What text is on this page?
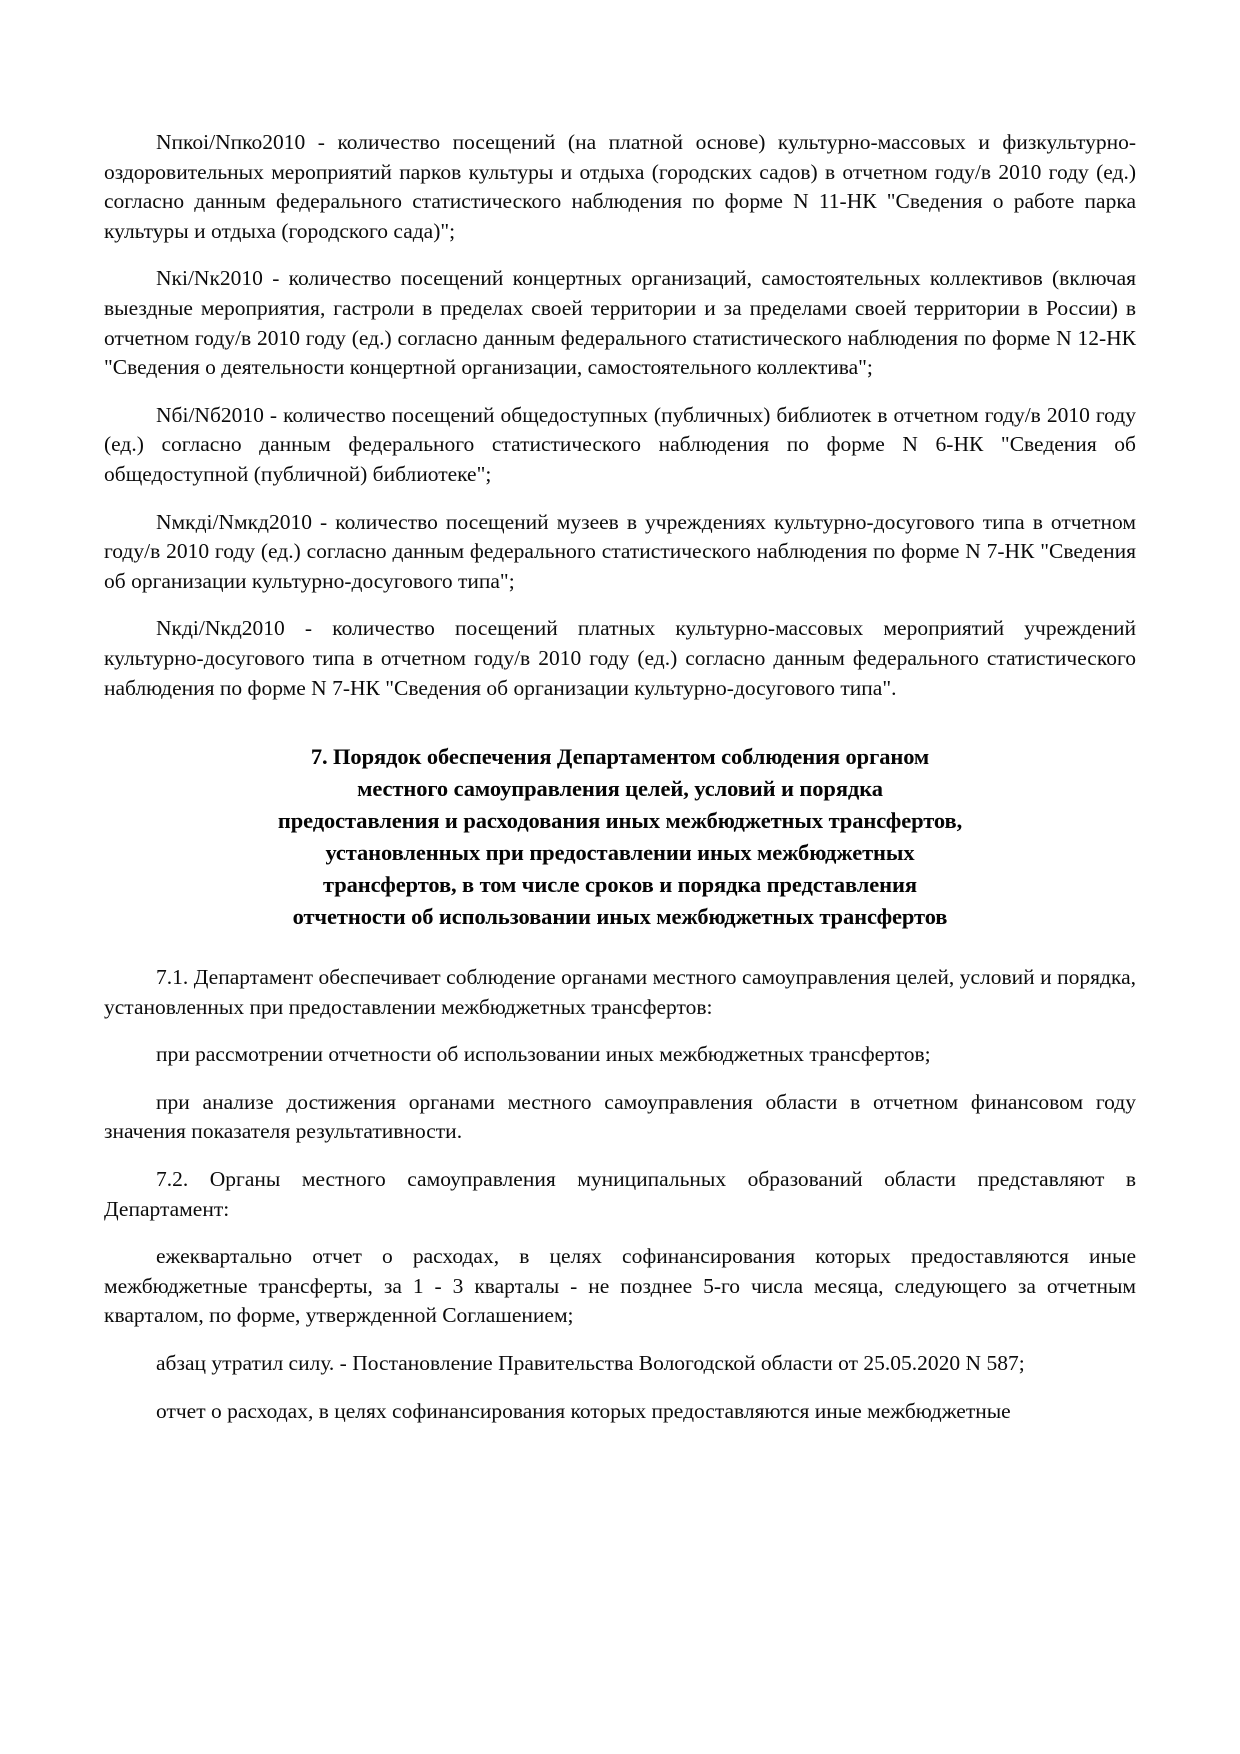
Nпкоi/Nпко2010 - количество посещений (на платной основе) культурно-массовых и физкультурно-оздоровительных мероприятий парков культуры и отдыха (городских садов) в отчетном году/в 2010 году (ед.) согласно данным федерального статистического наблюдения по форме N 11-НК "Сведения о работе парка культуры и отдыха (городского сада)";

Nкi/Nк2010 - количество посещений концертных организаций, самостоятельных коллективов (включая выездные мероприятия, гастроли в пределах своей территории и за пределами своей территории в России) в отчетном году/в 2010 году (ед.) согласно данным федерального статистического наблюдения по форме N 12-НК "Сведения о деятельности концертной организации, самостоятельного коллектива";

Nбi/Nб2010 - количество посещений общедоступных (публичных) библиотек в отчетном году/в 2010 году (ед.) согласно данным федерального статистического наблюдения по форме N 6-НК "Сведения об общедоступной (публичной) библиотеке";

Nмкдi/Nмкд2010 - количество посещений музеев в учреждениях культурно-досугового типа в отчетном году/в 2010 году (ед.) согласно данным федерального статистического наблюдения по форме N 7-НК "Сведения об организации культурно-досугового типа";

Nкдi/Nкд2010 - количество посещений платных культурно-массовых мероприятий учреждений культурно-досугового типа в отчетном году/в 2010 году (ед.) согласно данным федерального статистического наблюдения по форме N 7-НК "Сведения об организации культурно-досугового типа".

7. Порядок обеспечения Департаментом соблюдения органом
местного самоуправления целей, условий и порядка
предоставления и расходования иных межбюджетных трансфертов,
установленных при предоставлении иных межбюджетных
трансфертов, в том числе сроков и порядка представления
отчетности об использовании иных межбюджетных трансфертов

7.1. Департамент обеспечивает соблюдение органами местного самоуправления целей, условий и порядка, установленных при предоставлении межбюджетных трансфертов:

при рассмотрении отчетности об использовании иных межбюджетных трансфертов;

при анализе достижения органами местного самоуправления области в отчетном финансовом году значения показателя результативности.

7.2. Органы местного самоуправления муниципальных образований области представляют в Департамент:

ежеквартально отчет о расходах, в целях софинансирования которых предоставляются иные межбюджетные трансферты, за 1 - 3 кварталы - не позднее 5-го числа месяца, следующего за отчетным кварталом, по форме, утвержденной Соглашением;

абзац утратил силу. - Постановление Правительства Вологодской области от 25.05.2020 N 587;

отчет о расходах, в целях софинансирования которых предоставляются иные межбюджетные
